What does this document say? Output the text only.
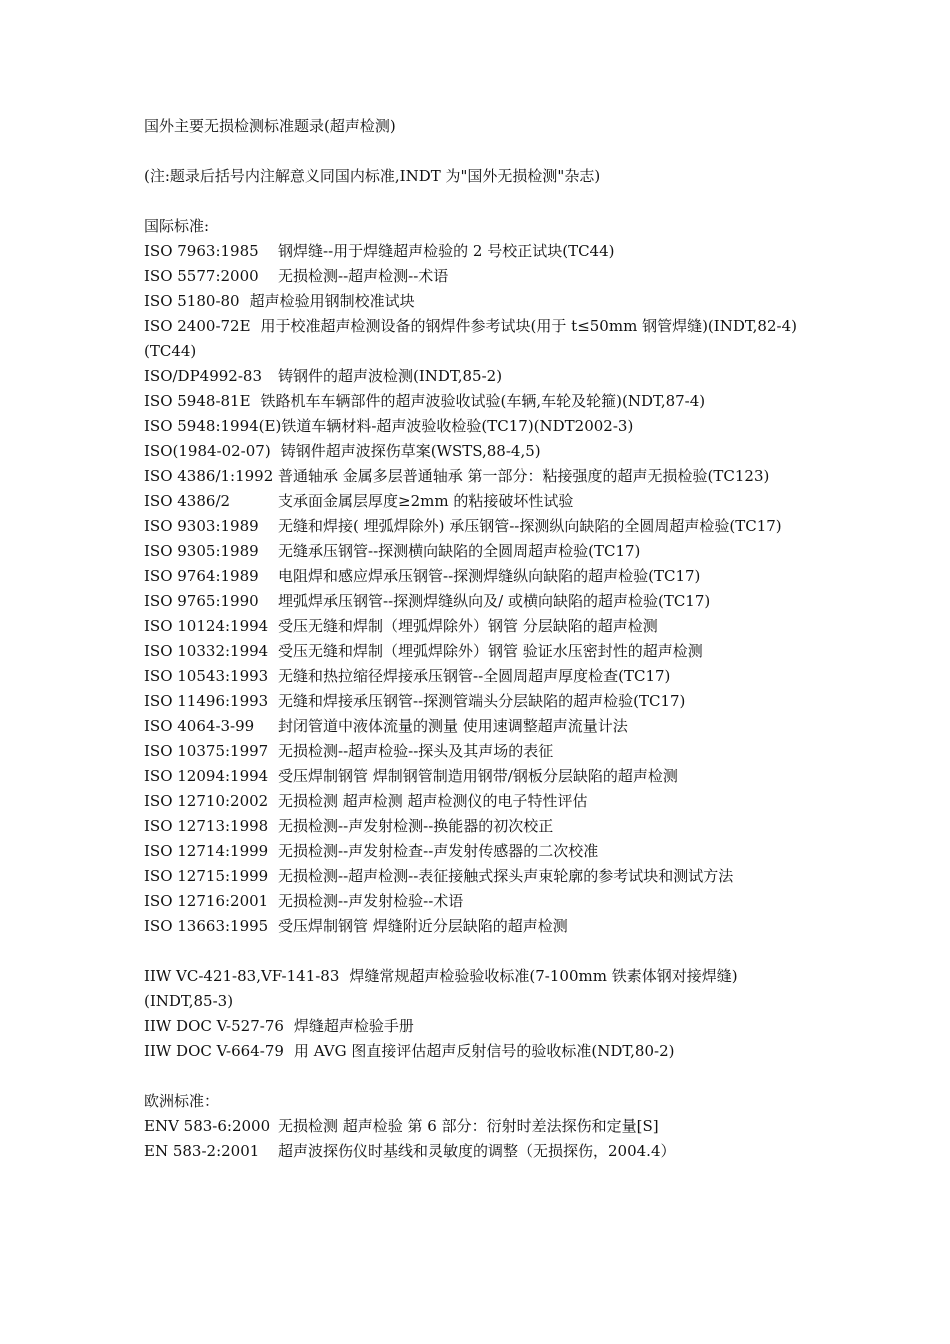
国外主要无损检测标准题录(超声检测)

(注:题录后括号内注解意义同国内标准,INDT 为"国外无损检测"杂志)

国际标准:

ISO 7963:1985 钢焊缝--用于焊缝超声检验的 2 号校正试块(TC44)

ISO 5577:2000 无损检测--超声检测--术语

ISO 5180-80 超声检验用钢制校准试块

ISO 2400-72E 用于校准超声检测设备的钢焊件参考试块(用于 t≤50mm 钢管焊缝)(INDT,82-4)(TC44)

ISO/DP4992-83 铸钢件的超声波检测(INDT,85-2)

ISO 5948-81E 铁路机车车辆部件的超声波验收试验(车辆,车轮及轮箍)(NDT,87-4)

ISO 5948:1994(E)铁道车辆材料-超声波验收检验(TC17)(NDT2002-3)

ISO(1984-02-07) 铸钢件超声波探伤草案(WSTS,88-4,5)

ISO 4386/1:1992 普通轴承 金属多层普通轴承 第一部分：粘接强度的超声无损检验(TC123)

ISO 4386/2	支承面金属层厚度≥2mm 的粘接破坏性试验

ISO 9303:1989 无缝和焊接( 埋弧焊除外) 承压钢管--探测纵向缺陷的全圆周超声检验(TC17)

ISO 9305:1989 无缝承压钢管--探测横向缺陷的全圆周超声检验(TC17)

ISO 9764:1989 电阻焊和感应焊承压钢管--探测焊缝纵向缺陷的超声检验(TC17)

ISO 9765:1990 埋弧焊承压钢管--探测焊缝纵向及/ 或横向缺陷的超声检验(TC17)

ISO 10124:1994 受压无缝和焊制（埋弧焊除外）钢管 分层缺陷的超声检测

ISO 10332:1994 受压无缝和焊制（埋弧焊除外）钢管 验证水压密封性的超声检测

ISO 10543:1993 无缝和热拉缩径焊接承压钢管--全圆周超声厚度检查(TC17)

ISO 11496:1993 无缝和焊接承压钢管--探测管端头分层缺陷的超声检验(TC17)

ISO 4064-3-99 封闭管道中液体流量的测量 使用速调整超声流量计法

ISO 10375:1997 无损检测--超声检验--探头及其声场的表征

ISO 12094:1994 受压焊制钢管 焊制钢管制造用钢带/钢板分层缺陷的超声检测

ISO 12710:2002 无损检测 超声检测 超声检测仪的电子特性评估

ISO 12713:1998 无损检测--声发射检测--换能器的初次校正

ISO 12714:1999 无损检测--声发射检查--声发射传感器的二次校准

ISO 12715:1999 无损检测--超声检测--表征接触式探头声束轮廓的参考试块和测试方法

ISO 12716:2001 无损检测--声发射检验--术语

ISO 13663:1995 受压焊制钢管 焊缝附近分层缺陷的超声检测

IIW VC-421-83,VF-141-83 焊缝常规超声检验验收标准(7-100mm 铁素体钢对接焊缝)(INDT,85-3)

IIW DOC V-527-76 焊缝超声检验手册

IIW DOC V-664-79 用 AVG 图直接评估超声反射信号的验收标准(NDT,80-2)

欧洲标准：

ENV 583-6:2000 无损检测 超声检验 第 6 部分：衍射时差法探伤和定量[S]

EN 583-2:2001 超声波探伤仪时基线和灵敏度的调整（无损探伤，2004.4）
